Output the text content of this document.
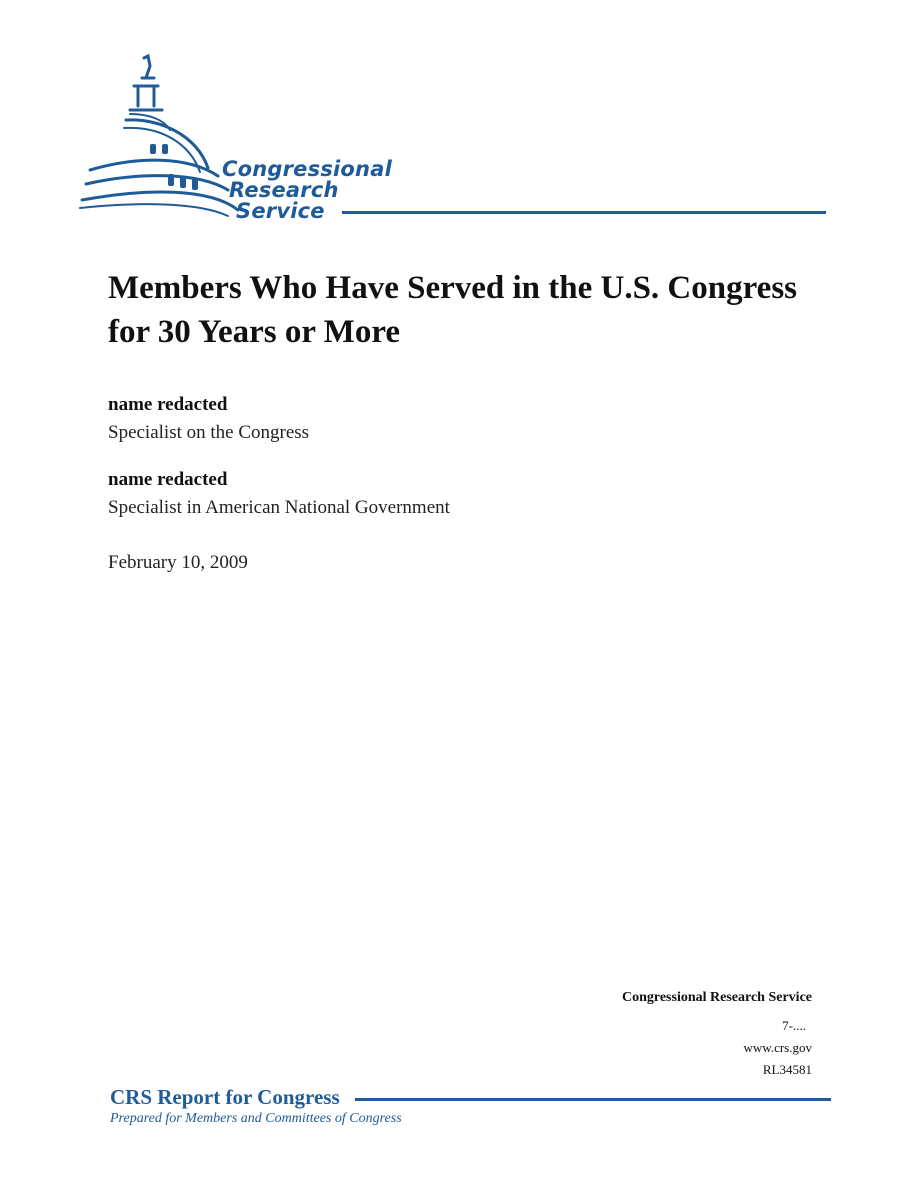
Congressional
Research
Service
Members Who Have Served in the U.S. Congress for 30 Years or More
name redacted
Specialist on the Congress
name redacted
Specialist in American National Government
February 10, 2009
Congressional Research Service
7-....
www.crs.gov
RL34581
CRS Report for Congress
Prepared for Members and Committees of Congress
